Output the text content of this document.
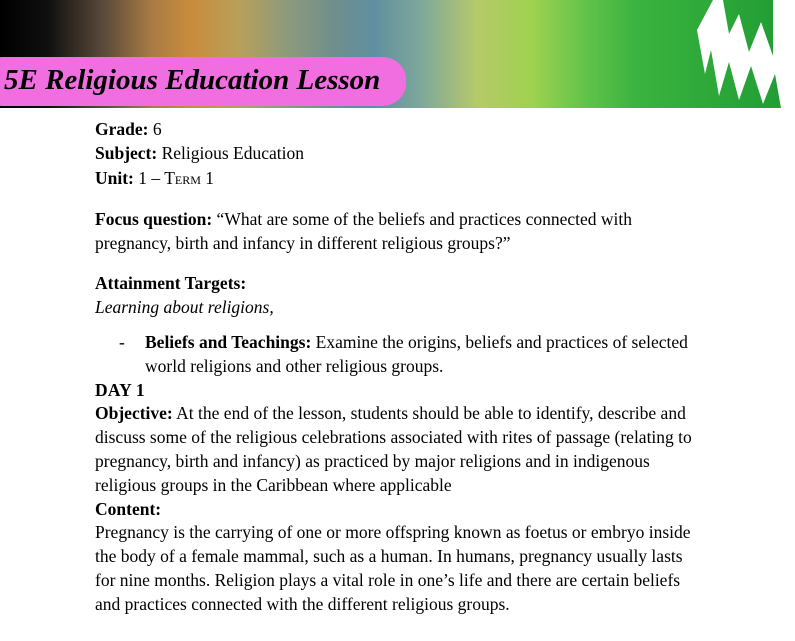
5E Religious Education Lesson

Grade: 6

Subject: Religious Education

Unit: 1 – Term 1

Focus question: “What are some of the beliefs and practices connected with pregnancy, birth and infancy in different religious groups?”

Attainment Targets:

Learning about religions,

-	Beliefs and Teachings: Examine the origins, beliefs and practices of selected world religions and other religious groups.

DAY 1

Objective: At the end of the lesson, students should be able to identify, describe and discuss some of the religious celebrations associated with rites of passage (relating to pregnancy, birth and infancy) as practiced by major religions and in indigenous religious groups in the Caribbean where applicable

Content:

Pregnancy is the carrying of one or more offspring known as foetus or embryo inside the body of a female mammal, such as a human. In humans, pregnancy usually lasts for nine months. Religion plays a vital role in one’s life and there are certain beliefs and practices connected with the different religious groups.
